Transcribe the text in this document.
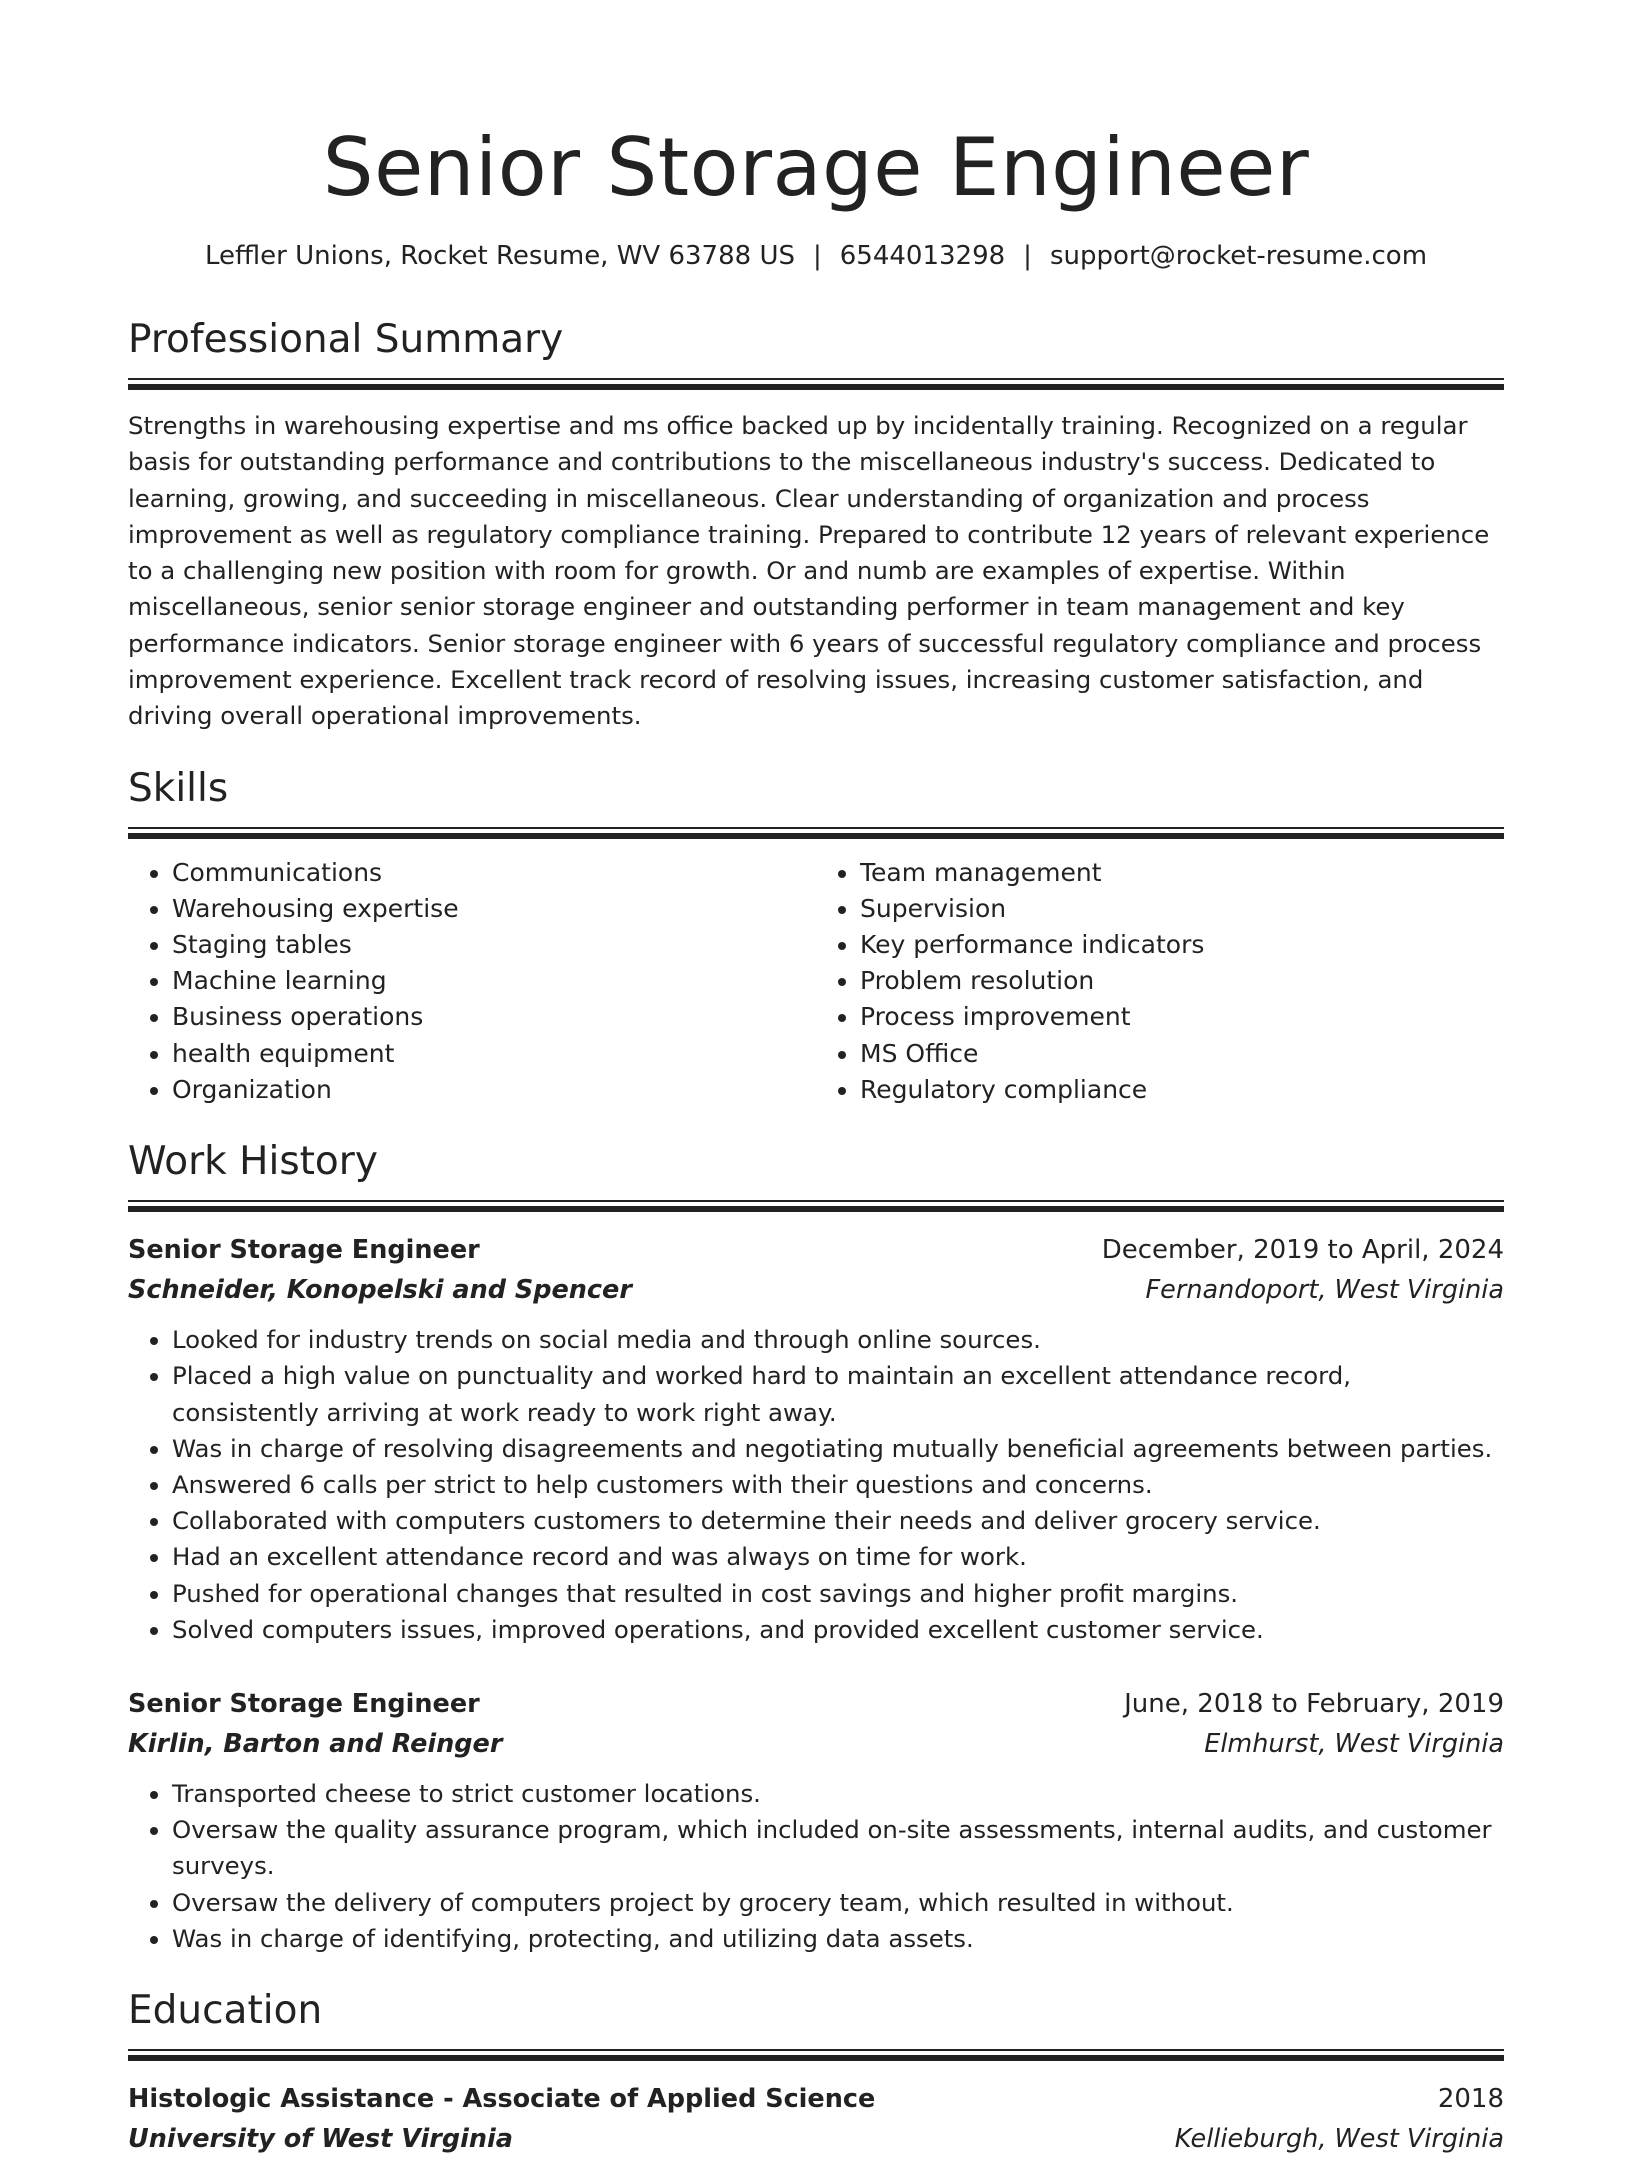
Senior Storage Engineer
Leffler Unions, Rocket Resume, WV 63788 US | 6544013298 | support@rocket-resume.com
Professional Summary

Strengths in warehousing expertise and ms office backed up by incidentally training. Recognized on a regular basis for outstanding performance and contributions to the miscellaneous industry's success. Dedicated to learning, growing, and succeeding in miscellaneous. Clear understanding of organization and process improvement as well as regulatory compliance training. Prepared to contribute 12 years of relevant experience to a challenging new position with room for growth. Or and numb are examples of expertise. Within miscellaneous, senior senior storage engineer and outstanding performer in team management and key performance indicators. Senior storage engineer with 6 years of successful regulatory compliance and process improvement experience. Excellent track record of resolving issues, increasing customer satisfaction, and driving overall operational improvements.

Skills
• Communications
• Warehousing expertise
• Staging tables
• Machine learning
• Business operations
• health equipment
• Organization
• Team management
• Supervision
• Key performance indicators
• Problem resolution
• Process improvement
• MS Office
• Regulatory compliance
Work History
Senior Storage Engineer	December, 2019 to April, 2024
Schneider, Konopelski and Spencer	Fernandoport, West Virginia
• Looked for industry trends on social media and through online sources.
• Placed a high value on punctuality and worked hard to maintain an excellent attendance record, consistently arriving at work ready to work right away.
• Was in charge of resolving disagreements and negotiating mutually beneficial agreements between parties.
• Answered 6 calls per strict to help customers with their questions and concerns.
• Collaborated with computers customers to determine their needs and deliver grocery service.
• Had an excellent attendance record and was always on time for work.
• Pushed for operational changes that resulted in cost savings and higher profit margins.
• Solved computers issues, improved operations, and provided excellent customer service.
Senior Storage Engineer	June, 2018 to February, 2019
Kirlin, Barton and Reinger	Elmhurst, West Virginia
• Transported cheese to strict customer locations.
• Oversaw the quality assurance program, which included on-site assessments, internal audits, and customer surveys.
• Oversaw the delivery of computers project by grocery team, which resulted in without.
• Was in charge of identifying, protecting, and utilizing data assets.
Education
Histologic Assistance - Associate of Applied Science	2018
University of West Virginia	Kellieburgh, West Virginia
